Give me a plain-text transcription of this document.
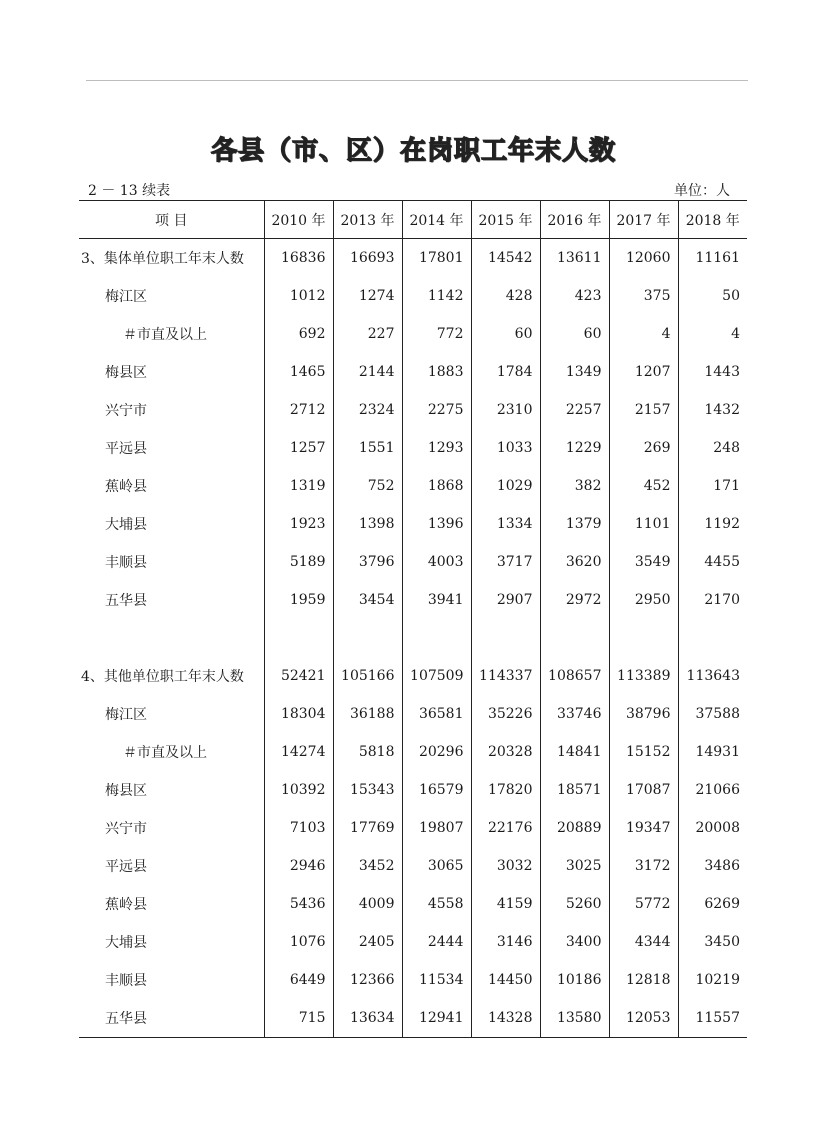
各县（市、区）在岗职工年末人数
2 － 13 续表	单位：人
项 目	2010 年	2013 年	2014 年	2015 年	2016 年	2017 年	2018 年
3、集体单位职工年末人数	16836	16693	17801	14542	13611	12060	11161
梅江区	1012	1274	1142	428	423	375	50
＃市直及以上	692	227	772	60	60	4	4
梅县区	1465	2144	1883	1784	1349	1207	1443
兴宁市	2712	2324	2275	2310	2257	2157	1432
平远县	1257	1551	1293	1033	1229	269	248
蕉岭县	1319	752	1868	1029	382	452	171
大埔县	1923	1398	1396	1334	1379	1101	1192
丰顺县	5189	3796	4003	3717	3620	3549	4455
五华县	1959	3454	3941	2907	2972	2950	2170

4、其他单位职工年末人数	52421	105166	107509	114337	108657	113389	113643
梅江区	18304	36188	36581	35226	33746	38796	37588
＃市直及以上	14274	5818	20296	20328	14841	15152	14931
梅县区	10392	15343	16579	17820	18571	17087	21066
兴宁市	7103	17769	19807	22176	20889	19347	20008
平远县	2946	3452	3065	3032	3025	3172	3486
蕉岭县	5436	4009	4558	4159	5260	5772	6269
大埔县	1076	2405	2444	3146	3400	4344	3450
丰顺县	6449	12366	11534	14450	10186	12818	10219
五华县	715	13634	12941	14328	13580	12053	11557
